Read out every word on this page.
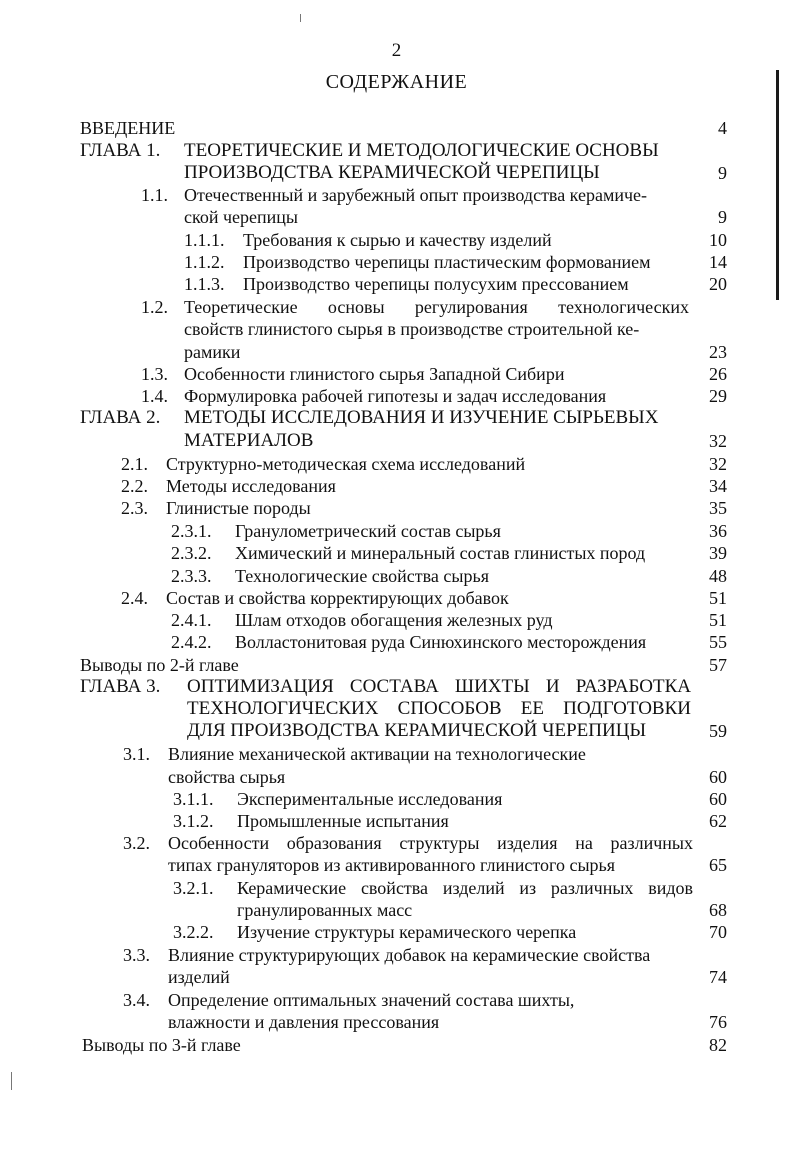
2
СОДЕРЖАНИЕ
ВВЕДЕНИЕ	4
ГЛАВА 1. ТЕОРЕТИЧЕСКИЕ И МЕТОДОЛОГИЧЕСКИЕ ОСНОВЫ
ПРОИЗВОДСТВА КЕРАМИЧЕСКОЙ ЧЕРЕПИЦЫ	9
1.1. Отечественный и зарубежный опыт производства керамиче-
ской черепицы	9
1.1.1. Требования к сырью и качеству изделий	10
1.1.2. Производство черепицы пластическим формованием	14
1.1.3. Производство черепицы полусухим прессованием	20
1.2. Теоретические основы регулирования технологических
свойств глинистого сырья в производстве строительной ке-
рамики	23
1.3. Особенности глинистого сырья Западной Сибири	26
1.4. Формулировка рабочей гипотезы и задач исследования	29
ГЛАВА 2. МЕТОДЫ ИССЛЕДОВАНИЯ И ИЗУЧЕНИЕ СЫРЬЕВЫХ
МАТЕРИАЛОВ	32
2.1. Структурно-методическая схема исследований	32
2.2. Методы исследования	34
2.3. Глинистые породы	35
2.3.1. Гранулометрический состав сырья	36
2.3.2. Химический и минеральный состав глинистых пород	39
2.3.3. Технологические свойства сырья	48
2.4. Состав и свойства корректирующих добавок	51
2.4.1. Шлам отходов обогащения железных руд	51
2.4.2. Волластонитовая руда Синюхинского месторождения	55
Выводы по 2-й главе	57
ГЛАВА 3. ОПТИМИЗАЦИЯ СОСТАВА ШИХТЫ И РАЗРАБОТКА
ТЕХНОЛОГИЧЕСКИХ СПОСОБОВ ЕЕ ПОДГОТОВКИ
ДЛЯ ПРОИЗВОДСТВА КЕРАМИЧЕСКОЙ ЧЕРЕПИЦЫ	59
3.1. Влияние механической активации на технологические
свойства сырья	60
3.1.1. Экспериментальные исследования	60
3.1.2. Промышленные испытания	62
3.2. Особенности образования структуры изделия на различных
типах грануляторов из активированного глинистого сырья	65
3.2.1. Керамические свойства изделий из различных видов
гранулированных масс	68
3.2.2. Изучение структуры керамического черепка	70
3.3. Влияние структурирующих добавок на керамические свойства
изделий	74
3.4. Определение оптимальных значений состава шихты,
влажности и давления прессования	76
Выводы по 3-й главе	82
